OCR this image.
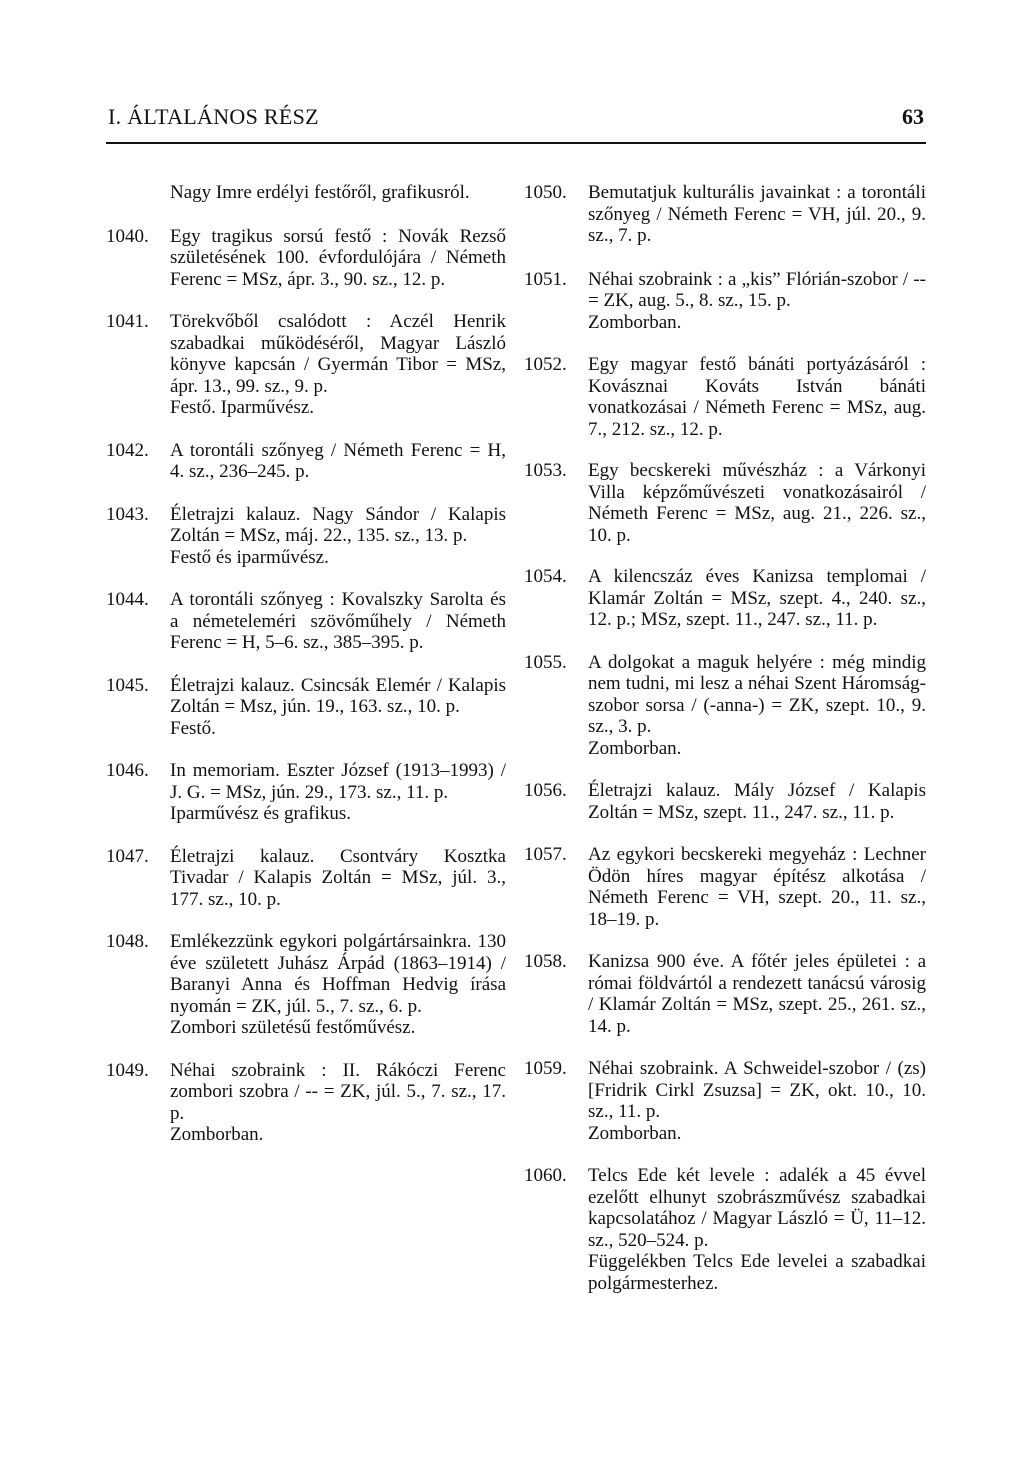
I. ÁLTALÁNOS RÉSZ	63
Nagy Imre erdélyi festőről, grafikusról.
1040.	Egy tragikus sorsú festő : Novák Rezső születésének 100. évfordulójára / Németh Ferenc = MSz, ápr. 3., 90. sz., 12. p.
1041.	Törekvőből csalódott : Aczél Henrik szabadkai működéséről, Magyar László könyve kapcsán / Gyermán Tibor = MSz, ápr. 13., 99. sz., 9. p.
Festő. Iparművész.
1042.	A torontáli szőnyeg / Németh Ferenc = H, 4. sz., 236–245. p.
1043.	Életrajzi kalauz. Nagy Sándor / Kalapis Zoltán = MSz, máj. 22., 135. sz., 13. p.
Festő és iparművész.
1044.	A torontáli szőnyeg : Kovalszky Sarolta és a németeleméri szövőműhely / Németh Ferenc = H, 5–6. sz., 385–395. p.
1045.	Életrajzi kalauz. Csincsák Elemér / Kalapis Zoltán = Msz, jún. 19., 163. sz., 10. p.
Festő.
1046.	In memoriam. Eszter József (1913–1993) / J. G. = MSz, jún. 29., 173. sz., 11. p.
Iparművész és grafikus.
1047.	Életrajzi kalauz. Csontváry Kosztka Tivadar / Kalapis Zoltán = MSz, júl. 3., 177. sz., 10. p.
1048.	Emlékezzünk egykori polgártársainkra. 130 éve született Juhász Árpád (1863–1914) / Baranyi Anna és Hoffman Hedvig írása nyomán = ZK, júl. 5., 7. sz., 6. p.
Zombori születésű festőművész.
1049.	Néhai szobraink : II. Rákóczi Ferenc zombori szobra / -- = ZK, júl. 5., 7. sz., 17. p.
Zomborban.
1050.	Bemutatjuk kulturális javainkat : a torontáli szőnyeg / Németh Ferenc = VH, júl. 20., 9. sz., 7. p.
1051.	Néhai szobraink : a „kis” Flórián-szobor / -- = ZK, aug. 5., 8. sz., 15. p.
Zomborban.
1052.	Egy magyar festő bánáti portyázásáról : Kovásznai Kováts István bánáti vonatkozásai / Németh Ferenc = MSz, aug. 7., 212. sz., 12. p.
1053.	Egy becskereki művészház : a Várkonyi Villa képzőművészeti vonatkozásairól / Németh Ferenc = MSz, aug. 21., 226. sz., 10. p.
1054.	A kilencszáz éves Kanizsa templomai / Klamár Zoltán = MSz, szept. 4., 240. sz., 12. p.; MSz, szept. 11., 247. sz., 11. p.
1055.	A dolgokat a maguk helyére : még mindig nem tudni, mi lesz a néhai Szent Háromság-szobor sorsa / (-anna-) = ZK, szept. 10., 9. sz., 3. p.
Zomborban.
1056.	Életrajzi kalauz. Mály József / Kalapis Zoltán = MSz, szept. 11., 247. sz., 11. p.
1057.	Az egykori becskereki megyeház : Lechner Ödön híres magyar építész alkotása / Németh Ferenc = VH, szept. 20., 11. sz., 18–19. p.
1058.	Kanizsa 900 éve. A főtér jeles épületei : a római földvártól a rendezett tanácsú városig / Klamár Zoltán = MSz, szept. 25., 261. sz., 14. p.
1059.	Néhai szobraink. A Schweidel-szobor / (zs) [Fridrik Cirkl Zsuzsa] = ZK, okt. 10., 10. sz., 11. p.
Zomborban.
1060.	Telcs Ede két levele : adalék a 45 évvel ezelőtt elhunyt szobrászművész szabadkai kapcsolatához / Magyar László = Ü, 11–12. sz., 520–524. p.
Függelékben Telcs Ede levelei a szabadkai polgármesterhez.
